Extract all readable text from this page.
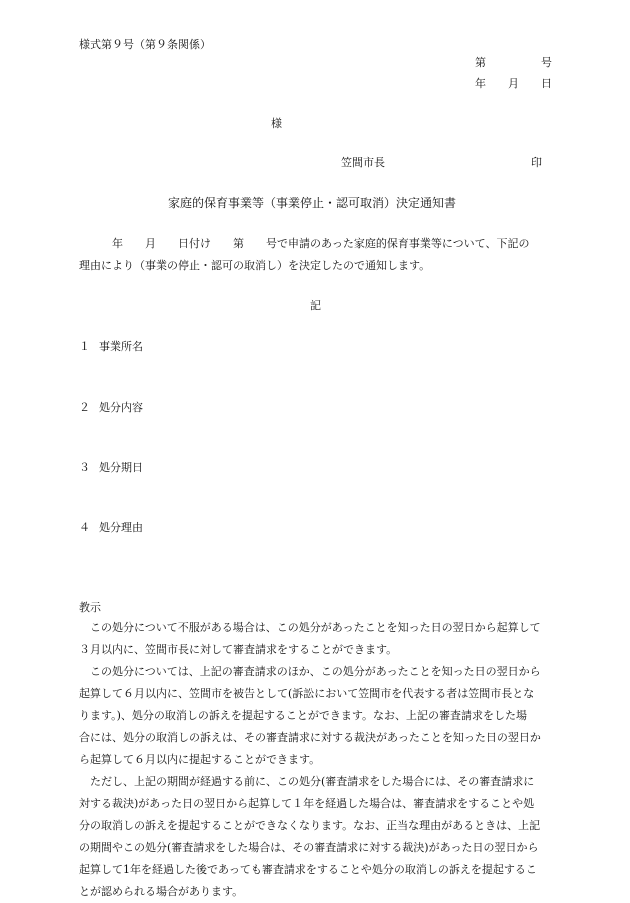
様式第９号（第９条関係）
第　　　　　号
年　　月　　日
様
笠間市長	印
家庭的保育事業等（事業停止・認可取消）決定通知書
　　　年　　月　　日付け　　第　　号で申請のあった家庭的保育事業等について、下記の
理由により（事業の停止・認可の取消し）を決定したので通知します。
記
１ 事業所名
２ 処分内容
３ 処分期日
４ 処分理由
教示
　この処分について不服がある場合は、この処分があったことを知った日の翌日から起算して
３月以内に、笠間市長に対して審査請求をすることができます。
　この処分については、上記の審査請求のほか、この処分があったことを知った日の翌日から
起算して６月以内に、笠間市を被告として(訴訟において笠間市を代表する者は笠間市長とな
ります。)、処分の取消しの訴えを提起することができます。なお、上記の審査請求をした場
合には、処分の取消しの訴えは、その審査請求に対する裁決があったことを知った日の翌日か
ら起算して６月以内に提起することができます。
　ただし、上記の期間が経過する前に、この処分(審査請求をした場合には、その審査請求に
対する裁決)があった日の翌日から起算して１年を経過した場合は、審査請求をすることや処
分の取消しの訴えを提起することができなくなります。なお、正当な理由があるときは、上記
の期間やこの処分(審査請求をした場合は、その審査請求に対する裁決)があった日の翌日から
起算して1年を経過した後であっても審査請求をすることや処分の取消しの訴えを提起するこ
とが認められる場合があります。
